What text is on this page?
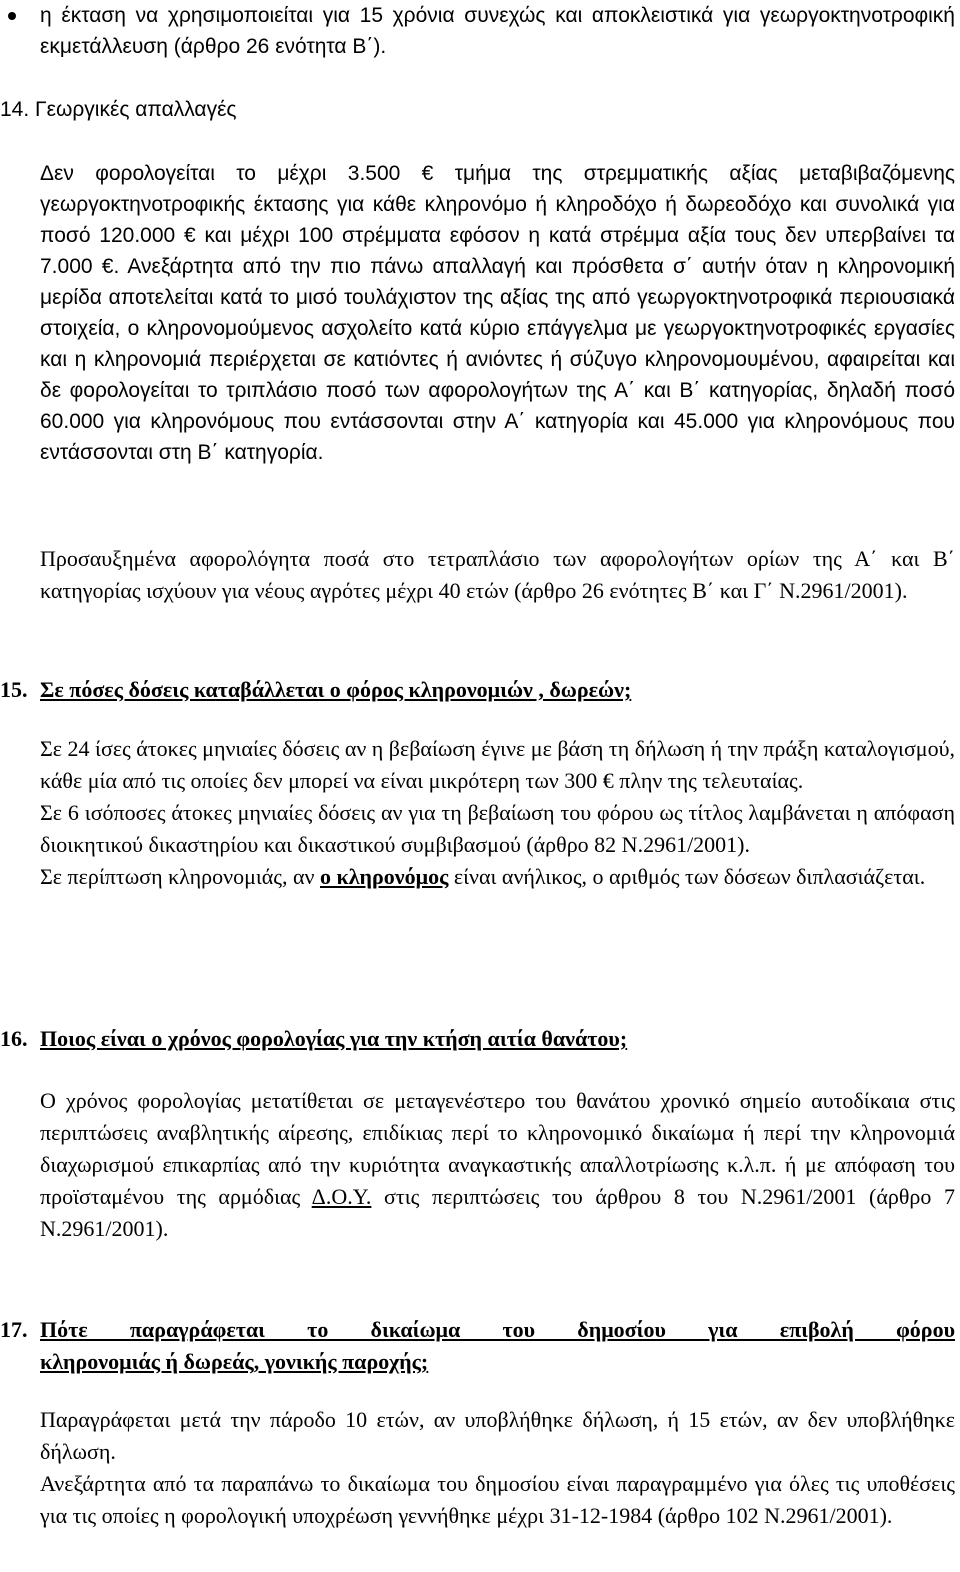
η έκταση να χρησιμοποιείται για 15 χρόνια συνεχώς και αποκλειστικά για γεωργοκτηνοτροφική εκμετάλλευση (άρθρο 26 ενότητα Β΄).

14. Γεωργικές απαλλαγές

Δεν φορολογείται το μέχρι 3.500 € τμήμα της στρεμματικής αξίας μεταβιβαζόμενης γεωργοκτηνοτροφικής έκτασης για κάθε κληρονόμο ή κληροδόχο ή δωρεοδόχο και συνολικά για ποσό 120.000 € και μέχρι 100 στρέμματα εφόσον η κατά στρέμμα αξία τους δεν υπερβαίνει τα 7.000 €. Ανεξάρτητα από την πιο πάνω απαλλαγή και πρόσθετα σ΄ αυτήν όταν η κληρονομική μερίδα αποτελείται κατά το μισό τουλάχιστον της αξίας της από γεωργοκτηνοτροφικά περιουσιακά στοιχεία, ο κληρονομούμενος ασχολείτο κατά κύριο επάγγελμα με γεωργοκτηνοτροφικές εργασίες και η κληρονομιά περιέρχεται σε κατιόντες ή ανιόντες ή σύζυγο κληρονομουμένου, αφαιρείται και δε φορολογείται το τριπλάσιο ποσό των αφορολογήτων της Α΄ και Β΄ κατηγορίας, δηλαδή ποσό 60.000 για κληρονόμους που εντάσσονται στην Α΄ κατηγορία και 45.000 για κληρονόμους που εντάσσονται στη Β΄ κατηγορία.

Προσαυξημένα αφορολόγητα ποσά στο τετραπλάσιο των αφορολογήτων ορίων της Α΄ και Β΄ κατηγορίας ισχύουν για νέους αγρότες μέχρι 40 ετών (άρθρο 26 ενότητες Β΄ και Γ΄ Ν.2961/2001).
15. Σε πόσες δόσεις καταβάλλεται ο φόρος κληρονομιών , δωρεών;

Σε 24 ίσες άτοκες μηνιαίες δόσεις αν η βεβαίωση έγινε με βάση τη δήλωση ή την πράξη καταλογισμού, κάθε μία από τις οποίες δεν μπορεί να είναι μικρότερη των 300 € πλην της τελευταίας.

Σε 6 ισόποσες άτοκες μηνιαίες δόσεις αν για τη βεβαίωση του φόρου ως τίτλος λαμβάνεται η απόφαση διοικητικού δικαστηρίου και δικαστικού συμβιβασμού (άρθρο 82 Ν.2961/2001).

Σε περίπτωση κληρονομιάς, αν ο κληρονόμος είναι ανήλικος, ο αριθμός των δόσεων διπλασιάζεται.

16. Ποιος είναι ο χρόνος φορολογίας για την κτήση αιτία θανάτου;

Ο χρόνος φορολογίας μετατίθεται σε μεταγενέστερο του θανάτου χρονικό σημείο αυτοδίκαια στις περιπτώσεις αναβλητικής αίρεσης, επιδίκιας περί το κληρονομικό δικαίωμα ή περί την κληρονομιά διαχωρισμού επικαρπίας από την κυριότητα αναγκαστικής απαλλοτρίωσης κ.λ.π. ή με απόφαση του προϊσταμένου της αρμόδιας Δ.Ο.Υ. στις περιπτώσεις του άρθρου 8 του Ν.2961/2001 (άρθρο 7 Ν.2961/2001).

17. Πότε παραγράφεται το δικαίωμα του δημοσίου για επιβολή φόρου
κληρονομιάς ή δωρεάς, γονικής παροχής;

Παραγράφεται μετά την πάροδο 10 ετών, αν υποβλήθηκε δήλωση, ή 15 ετών, αν δεν υποβλήθηκε δήλωση.

Ανεξάρτητα από τα παραπάνω το δικαίωμα του δημοσίου είναι παραγραμμένο για όλες τις υποθέσεις για τις οποίες η φορολογική υποχρέωση γεννήθηκε μέχρι 31-12-1984 (άρθρο 102 Ν.2961/2001).
